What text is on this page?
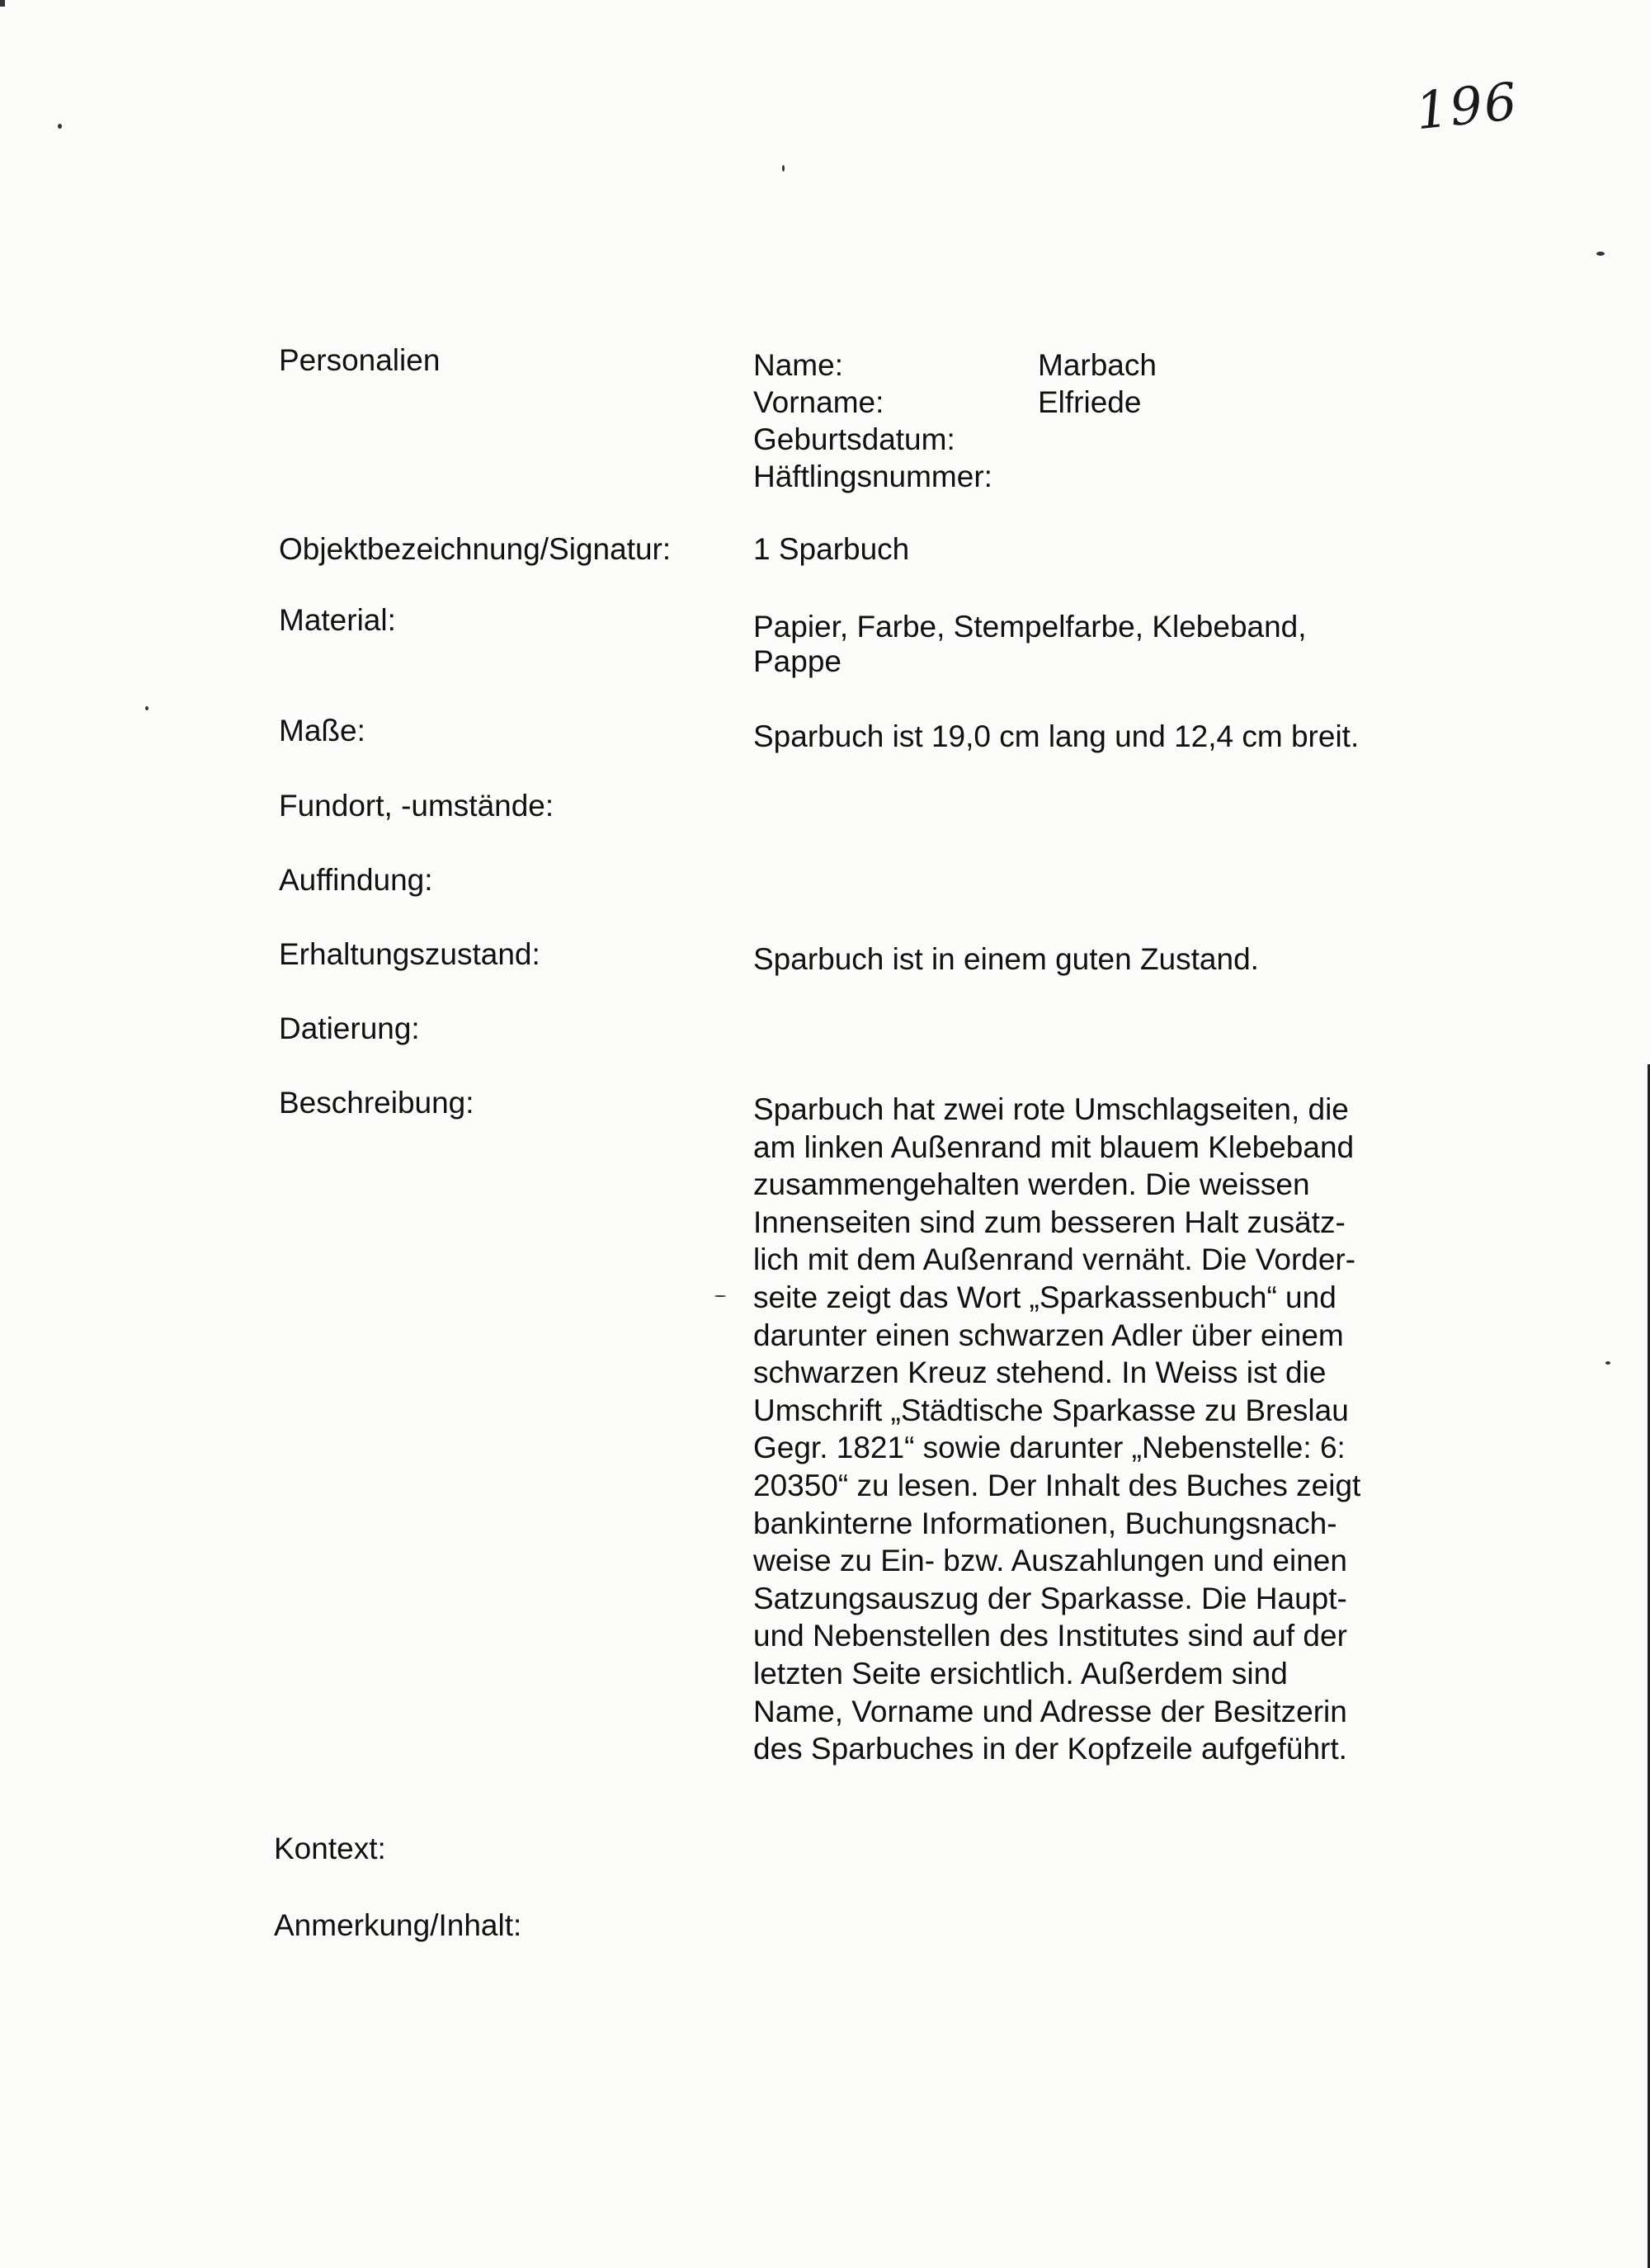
196
Personalien	Name:	Marbach
Vorname:	Elfriede
Geburtsdatum:
Häftlingsnummer:
Objektbezeichnung/Signatur:	1 Sparbuch
Material:	Papier, Farbe, Stempelfarbe, Klebeband,
Pappe
Maße:	Sparbuch ist 19,0 cm lang und 12,4 cm breit.
Fundort, -umstände:
Auffindung:
Erhaltungszustand:	Sparbuch ist in einem guten Zustand.
Datierung:
Beschreibung:	Sparbuch hat zwei rote Umschlagseiten, die
am linken Außenrand mit blauem Klebeband
zusammengehalten werden. Die weissen
Innenseiten sind zum besseren Halt zusätz-
lich mit dem Außenrand vernäht. Die Vorder-
seite zeigt das Wort „Sparkassenbuch“ und
darunter einen schwarzen Adler über einem
schwarzen Kreuz stehend. In Weiss ist die
Umschrift „Städtische Sparkasse zu Breslau
Gegr. 1821“ sowie darunter „Nebenstelle: 6:
20350“ zu lesen. Der Inhalt des Buches zeigt
bankinterne Informationen, Buchungsnach-
weise zu Ein- bzw. Auszahlungen und einen
Satzungsauszug der Sparkasse. Die Haupt-
und Nebenstellen des Institutes sind auf der
letzten Seite ersichtlich. Außerdem sind
Name, Vorname und Adresse der Besitzerin
des Sparbuches in der Kopfzeile aufgeführt.
Kontext:
Anmerkung/Inhalt:
